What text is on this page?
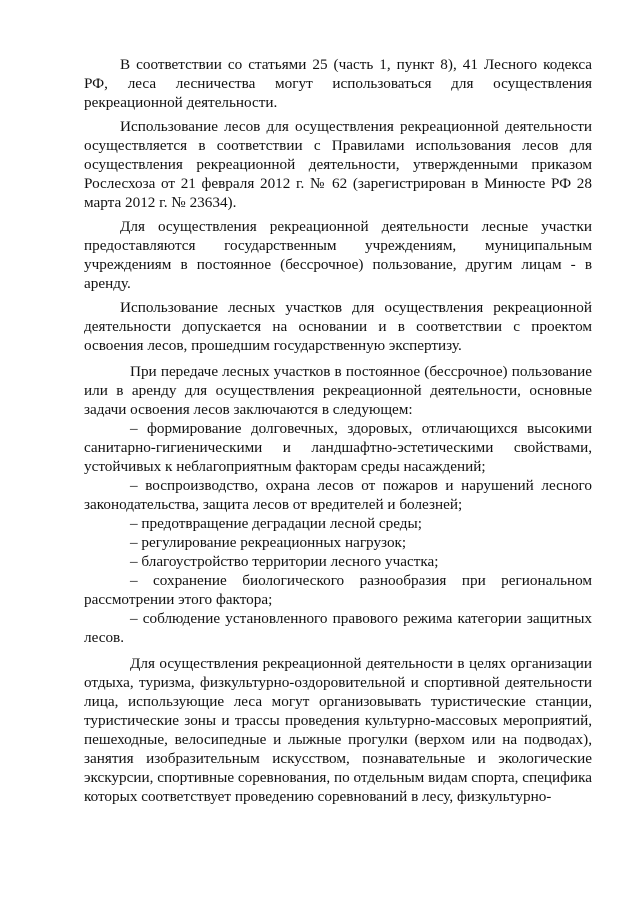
В соответствии со статьями 25 (часть 1, пункт 8), 41 Лесного кодекса РФ, леса лесничества могут использоваться для осуществления рекреационной деятельности.

Использование лесов для осуществления рекреационной деятельности осуществляется в соответствии с Правилами использования лесов для осуществления рекреационной деятельности, утвержденными приказом Рослесхоза от 21 февраля 2012 г. № 62 (зарегистрирован в Минюсте РФ 28 марта 2012 г. № 23634).

Для осуществления рекреационной деятельности лесные участки предоставляются государственным учреждениям, муниципальным учреждениям в постоянное (бессрочное) пользование, другим лицам - в аренду.

Использование лесных участков для осуществления рекреационной деятельности допускается на основании и в соответствии с проектом освоения лесов, прошедшим государственную экспертизу.

При передаче лесных участков в постоянное (бессрочное) пользование или в аренду для осуществления рекреационной деятельности, основные задачи освоения лесов заключаются в следующем:

– формирование долговечных, здоровых, отличающихся высокими санитарно-гигиеническими и ландшафтно-эстетическими свойствами, устойчивых к неблагоприятным факторам среды насаждений;

– воспроизводство, охрана лесов от пожаров и нарушений лесного законодательства, защита лесов от вредителей и болезней;

– предотвращение деградации лесной среды;

– регулирование рекреационных нагрузок;

– благоустройство территории лесного участка;

– сохранение биологического разнообразия при региональном рассмотрении этого фактора;

– соблюдение установленного правового режима категории защитных лесов.

Для осуществления рекреационной деятельности в целях организации отдыха, туризма, физкультурно-оздоровительной и спортивной деятельности лица, использующие леса могут организовывать туристические станции, туристические зоны и трассы проведения культурно-массовых мероприятий, пешеходные, велосипедные и лыжные прогулки (верхом или на подводах), занятия изобразительным искусством, познавательные и экологические экскурсии, спортивные соревнования, по отдельным видам спорта, специфика которых соответствует проведению соревнований в лесу, физкультурно-
